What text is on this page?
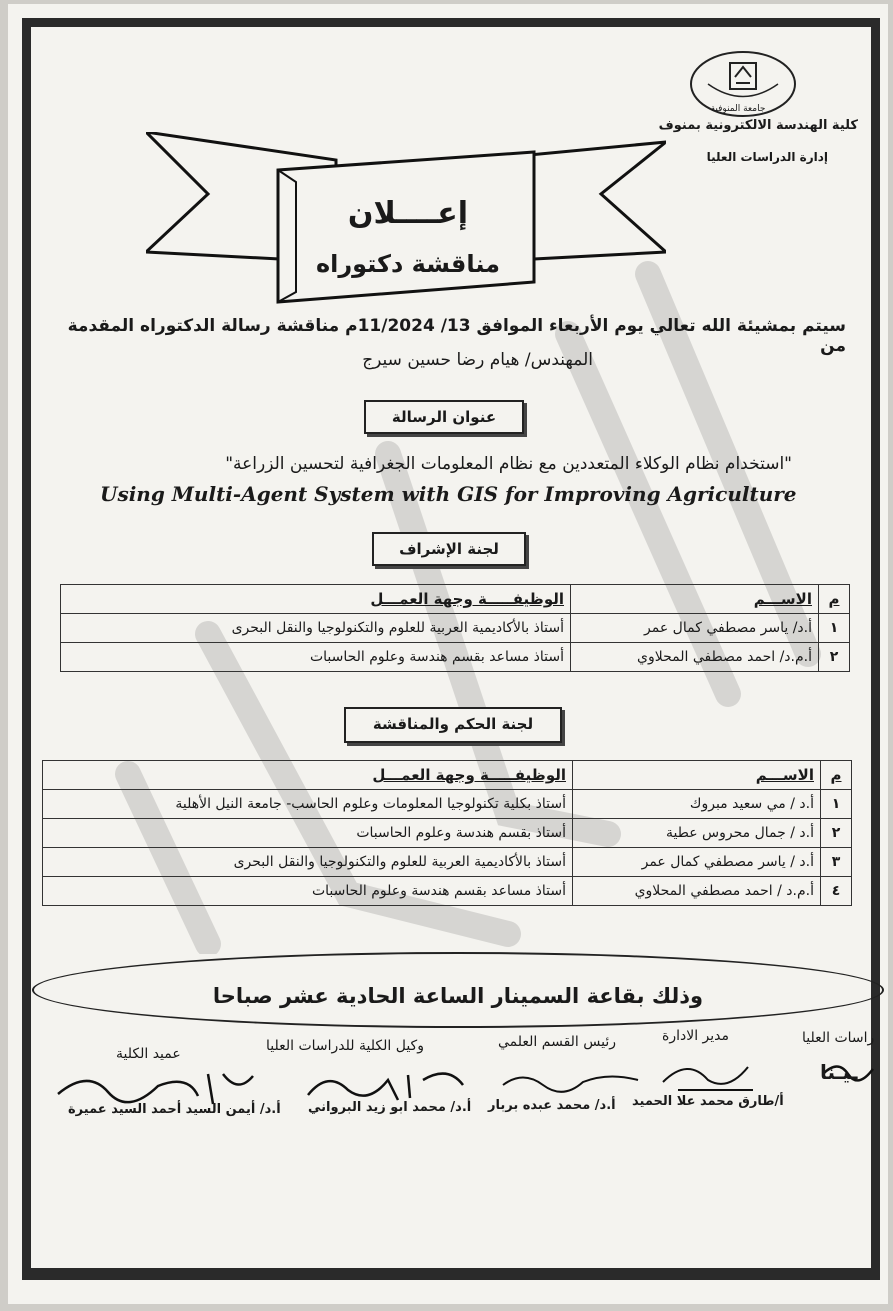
جامعة المنوفية
كلية الهندسة الالكترونية بمنوف
إدارة الدراسات العليا
إعــــلان
مناقشة دكتوراه
سيتم بمشيئة الله تعالي يوم الأربعاء الموافق 13/ 11/2024م مناقشة رسالة الدكتوراه المقدمة من
المهندس/ هيام رضا حسين سيرج
عنوان الرسالة
"استخدام نظام الوكلاء المتعددين مع نظام المعلومات الجغرافية لتحسين الزراعة"
Using Multi-Agent System with GIS for Improving Agriculture
لجنة الإشراف
م	الاســـم	الوظيفـــــة وجهة العمـــل
١	أ.د/ ياسر مصطفي كمال عمر	أستاذ بالأكاديمية العربية للعلوم والتكنولوجيا والنقل البحرى
٢	أ.م.د/ احمد مصطفي المحلاوي	أستاذ مساعد بقسم هندسة وعلوم الحاسبات
لجنة الحكم والمناقشة
م	الاســـم	الوظيفـــــة وجهة العمـــل
١	أ.د / مي سعيد مبروك	أستاذ بكلية تكنولوجيا المعلومات وعلوم الحاسب- جامعة النيل الأهلية
٢	أ.د / جمال محروس عطية	أستاذ بقسم هندسة وعلوم الحاسبات
٣	أ.د / ياسر مصطفي كمال عمر	أستاذ بالأكاديمية العربية للعلوم والتكنولوجيا والنقل البحرى
٤	أ.م.د / احمد مصطفي المحلاوي	أستاذ مساعد بقسم هندسة وعلوم الحاسبات
وذلك بقاعة السمينار الساعة الحادية عشر صباحا
عميد الكلية	وكيل الكلية للدراسات العليا	رئيس القسم العلمي	مدير الادارة	راسات العليا
أ.د/ أيمن السيد أحمد السيد عميرة أ.د/ محمد ابو زيد البرواني أ.د/ محمد عبده بربار أ/طارق محمد علا الحميد
ـيـنا
